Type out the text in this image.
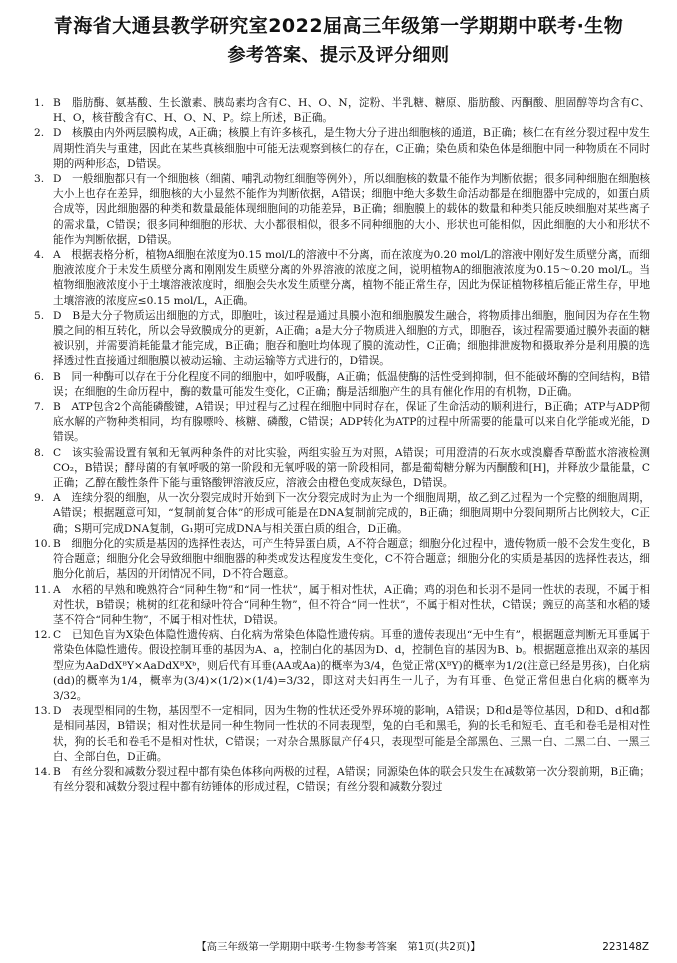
青海省大通县教学研究室2022届高三年级第一学期期中联考·生物
参考答案、提示及评分细则
1. B　脂肪酶、氨基酸、生长激素、胰岛素均含有C、H、O、N，淀粉、半乳糖、糖原、脂肪酸、丙酮酸、胆固醇等均含有C、H、O，核苷酸含有C、H、O、N、P。综上所述，B正确。
2. D　核膜由内外两层膜构成，A正确；核膜上有许多核孔，是生物大分子进出细胞核的通道，B正确；核仁在有丝分裂过程中发生周期性消失与重建，因此在某些真核细胞中可能无法观察到核仁的存在，C正确；染色质和染色体是细胞中同一种物质在不同时期的两种形态，D错误。
3. D　一般细胞都只有一个细胞核（细菌、哺乳动物红细胞等例外），所以细胞核的数量不能作为判断依据；很多同种细胞在细胞核大小上也存在差异，细胞核的大小显然不能作为判断依据，A错误；细胞中绝大多数生命活动都是在细胞器中完成的，如蛋白质合成等，因此细胞器的种类和数量最能体现细胞间的功能差异，B正确；细胞膜上的载体的数量和种类只能反映细胞对某些离子的需求量，C错误；很多同种细胞的形状、大小都很相似，很多不同种细胞的大小、形状也可能相似，因此细胞的大小和形状不能作为判断依据，D错误。
4. A　根据表格分析，植物A细胞在浓度为0.15 mol/L的溶液中不分离，而在浓度为0.20 mol/L的溶液中刚好发生质壁分离，而细胞液浓度介于未发生质壁分离和刚刚发生质壁分离的外界溶液的浓度之间，说明植物A的细胞液浓度为0.15～0.20 mol/L。当植物细胞液浓度小于土壤溶液浓度时，细胞会失水发生质壁分离，植物不能正常生存，因此为保证植物移植后能正常生存，甲地土壤溶液的浓度应≤0.15 mol/L，A正确。
5. D　B是大分子物质运出细胞的方式，即胞吐，该过程是通过具膜小泡和细胞膜发生融合，将物质排出细胞，胞间因为存在生物膜之间的相互转化，所以会导致膜成分的更新，A正确；a是大分子物质进入细胞的方式，即胞吞，该过程需要通过膜外表面的糖被识别，并需要消耗能量才能完成，B正确；胞吞和胞吐均体现了膜的流动性，C正确；细胞排泄废物和摄取养分是利用膜的选择透过性直接通过细胞膜以被动运输、主动运输等方式进行的，D错误。
6. B　同一种酶可以存在于分化程度不同的细胞中，如呼吸酶，A正确；低温使酶的活性受到抑制，但不能破坏酶的空间结构，B错误；在细胞的生命历程中，酶的数量可能发生变化，C正确；酶是活细胞产生的具有催化作用的有机物，D正确。
7. B　ATP包含2个高能磷酸键，A错误；甲过程与乙过程在细胞中同时存在，保证了生命活动的顺利进行，B正确；ATP与ADP彻底水解的产物种类相同，均有腺嘌呤、核糖、磷酸，C错误；ADP转化为ATP的过程中所需要的能量可以来自化学能或光能，D错误。
8. C　该实验需设置有氧和无氧两种条件的对比实验，两组实验互为对照，A错误；可用澄清的石灰水或溴麝香草酚蓝水溶液检测CO₂，B错误；酵母菌的有氧呼吸的第一阶段和无氧呼吸的第一阶段相同，都是葡萄糖分解为丙酮酸和[H]，并释放少量能量，C正确；乙醇在酸性条件下能与重铬酸钾溶液反应，溶液会由橙色变成灰绿色，D错误。
9. A　连续分裂的细胞，从一次分裂完成时开始到下一次分裂完成时为止为一个细胞周期，故乙到乙过程为一个完整的细胞周期，A错误；根据题意可知，“复制前复合体”的形成可能是在DNA复制前完成的，B正确；细胞周期中分裂间期所占比例较大，C正确；S期可完成DNA复制，G₁期可完成DNA与相关蛋白质的组合，D正确。
10. B　细胞分化的实质是基因的选择性表达，可产生特异蛋白质，A不符合题意；细胞分化过程中，遗传物质一般不会发生变化，B符合题意；细胞分化会导致细胞中细胞器的种类或发达程度发生变化，C不符合题意；细胞分化的实质是基因的选择性表达，细胞分化前后，基因的开闭情况不同，D不符合题意。
11. A　水稻的早熟和晚熟符合“同种生物”和“同一性状”，属于相对性状，A正确；鸡的羽色和长羽不是同一性状的表现，不属于相对性状，B错误；桃树的红花和绿叶符合“同种生物”，但不符合“同一性状”，不属于相对性状，C错误；豌豆的高茎和水稻的矮茎不符合“同种生物”，不属于相对性状，D错误。
12. C　已知色盲为X染色体隐性遗传病、白化病为常染色体隐性遗传病。耳垂的遗传表现出“无中生有”，根据题意判断无耳垂属于常染色体隐性遗传。假设控制耳垂的基因为A、a，控制白化的基因为D、d，控制色盲的基因为B、b。根据题意推出双亲的基因型应为AaDdXᴮY×AaDdXᴮXᵇ，则后代有耳垂(AA或Aa)的概率为3/4，色觉正常(XᴮY)的概率为1/2(注意已经是男孩)，白化病(dd)的概率为1/4，概率为(3/4)×(1/2)×(1/4)=3/32，即这对夫妇再生一儿子，为有耳垂、色觉正常但患白化病的概率为3/32。
13. D　表现型相同的生物，基因型不一定相同，因为生物的性状还受外界环境的影响，A错误；D和d是等位基因，D和D、d和d都是相同基因，B错误；相对性状是同一种生物同一性状的不同表现型，兔的白毛和黑毛，狗的长毛和短毛、直毛和卷毛是相对性状，狗的长毛和卷毛不是相对性状，C错误；一对杂合黑豚鼠产仔4只，表现型可能是全部黑色、三黑一白、二黑二白、一黑三白、全部白色，D正确。
14. B　有丝分裂和减数分裂过程中都有染色体移向两极的过程，A错误；同源染色体的联会只发生在减数第一次分裂前期，B正确；有丝分裂和减数分裂过程中都有纺锤体的形成过程，C错误；有丝分裂和减数分裂过
【高三年级第一学期期中联考·生物参考答案　第1页(共2页)】	223148Z
